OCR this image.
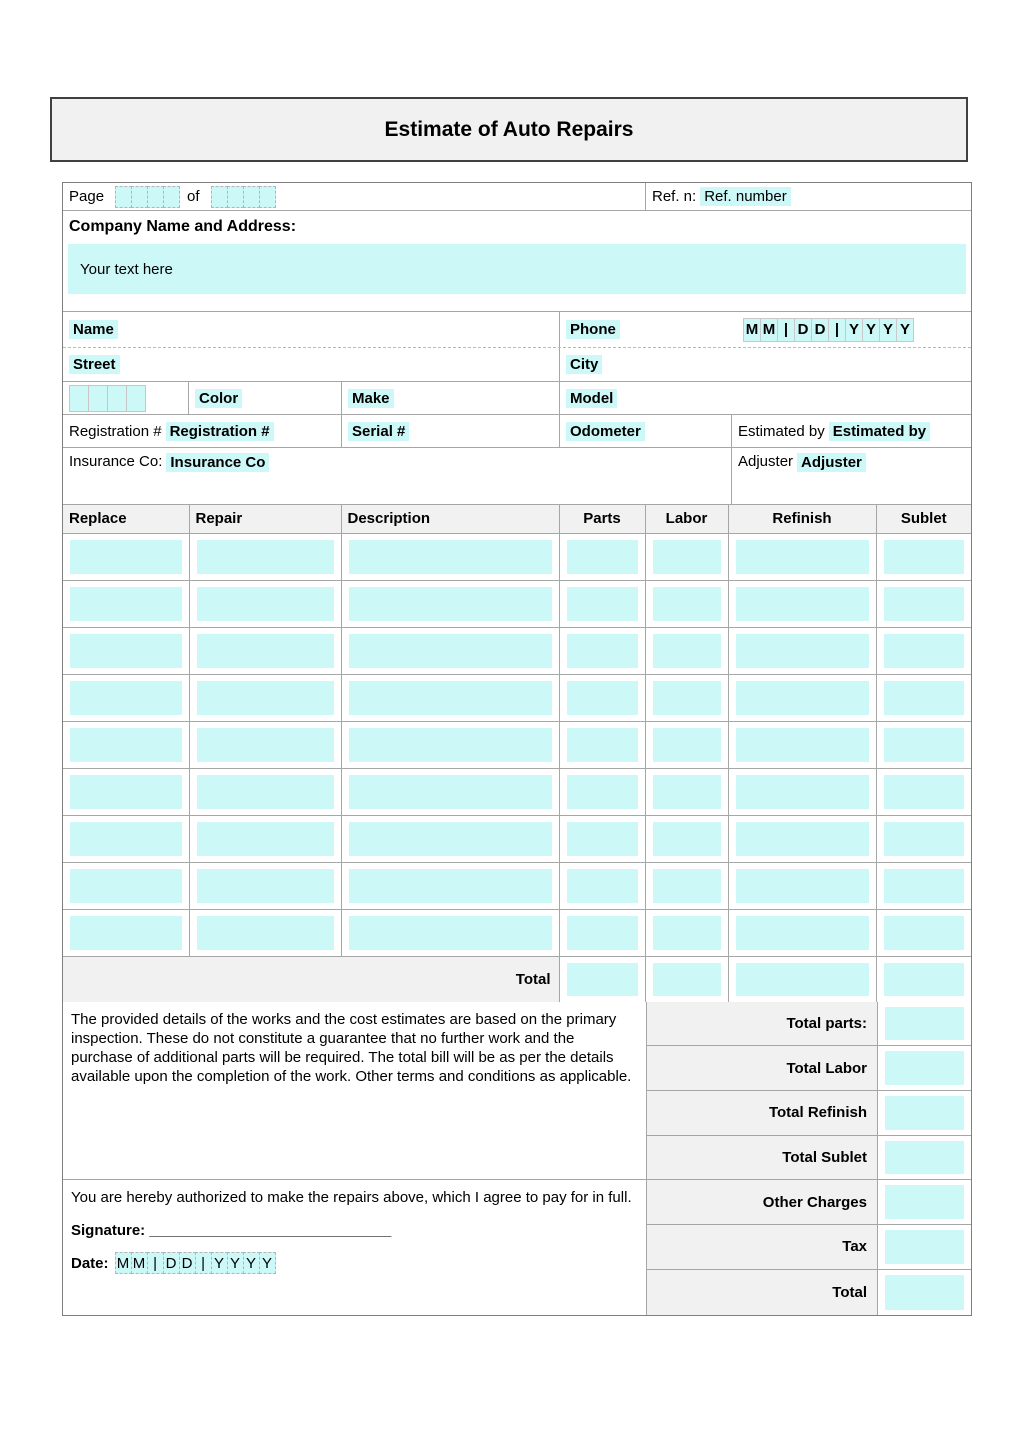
Estimate of Auto Repairs
Page	of	Ref. n: Ref. number
Company Name and Address:
Your text here
Name	Phone	M M | D D | Y Y Y Y
Street	City
Color	Make	Model
Registration # Registration #	Serial #	Odometer	Estimated by Estimated by
Insurance Co: Insurance Co	Adjuster Adjuster
Replace	Repair	Description	Parts	Labor	Refinish	Sublet

Total			

The provided details of the works and the cost estimates are based on the primary inspection. These do not constitute a guarantee that no further work and the purchase of additional parts will be required. The total bill will be as per the details available upon the completion of the work. Other terms and conditions as applicable.
You are hereby authorized to make the repairs above, which I agree to pay for in full.
Signature: _____________________________
Date: M M | D D | Y Y Y Y
Total parts:
Total Labor
Total Refinish
Total Sublet
Other Charges
Tax
Total
